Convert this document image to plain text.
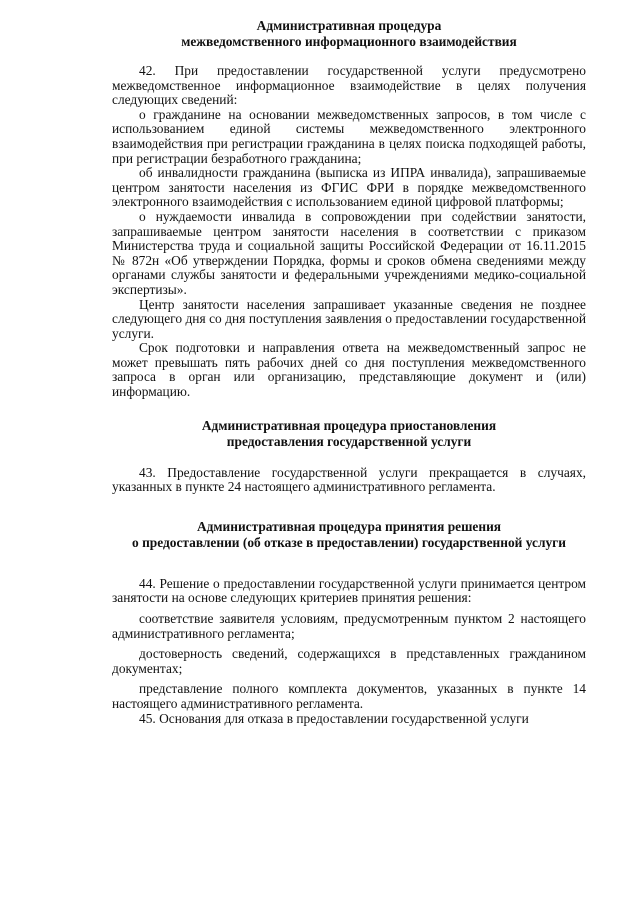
Административная процедура
межведомственного информационного взаимодействия

42. При предоставлении государственной услуги предусмотрено межведомственное информационное взаимодействие в целях получения следующих сведений:

о гражданине на основании межведомственных запросов, в том числе с использованием единой системы межведомственного электронного взаимодействия при регистрации гражданина в целях поиска подходящей работы, при регистрации безработного гражданина;

об инвалидности гражданина (выписка из ИПРА инвалида), запрашиваемые центром занятости населения из ФГИС ФРИ в порядке межведомственного электронного взаимодействия с использованием единой цифровой платформы;

о нуждаемости инвалида в сопровождении при содействии занятости, запрашиваемые центром занятости населения в соответствии с приказом Министерства труда и социальной защиты Российской Федерации от 16.11.2015 № 872н «Об утверждении Порядка, формы и сроков обмена сведениями между органами службы занятости и федеральными учреждениями медико-социальной экспертизы».

Центр занятости населения запрашивает указанные сведения не позднее следующего дня со дня поступления заявления о предоставлении государственной услуги.

Срок подготовки и направления ответа на межведомственный запрос не может превышать пять рабочих дней со дня поступления межведомственного запроса в орган или организацию, представляющие документ и (или) информацию.

Административная процедура приостановления
предоставления государственной услуги

43. Предоставление государственной услуги прекращается в случаях, указанных в пункте 24 настоящего административного регламента.

Административная процедура принятия решения
о предоставлении (об отказе в предоставлении) государственной услуги

44. Решение о предоставлении государственной услуги принимается центром занятости на основе следующих критериев принятия решения:

соответствие заявителя условиям, предусмотренным пунктом 2 настоящего административного регламента;

достоверность сведений, содержащихся в представленных гражданином документах;

представление полного комплекта документов, указанных в пункте 14 настоящего административного регламента.

45. Основания для отказа в предоставлении государственной услуги
